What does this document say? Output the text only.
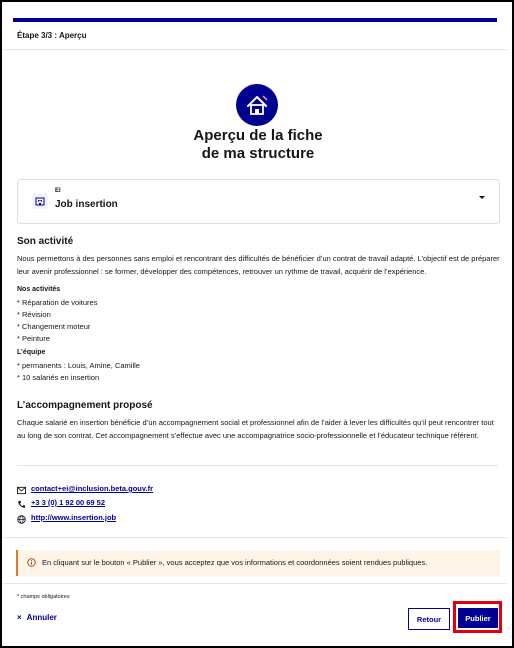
Étape 3/3 : Aperçu
Aperçu de la fiche
de ma structure
EI
Job insertion
Son activité
Nous permettons à des personnes sans emploi et rencontrant des difficultés de bénéficier d’un contrat de travail adapté. L’objectif est de préparer leur avenir professionnel : se former, développer des compétences, retrouver un rythme de travail, acquérir de l’expérience.
Nos activités
* Réparation de voitures
* Révision
* Changement moteur
* Peinture
L’équipe
* permanents : Louis, Amine, Camille
* 10 salariés en insertion
L’accompagnement proposé
Chaque salarié en insertion bénéficie d’un accompagnement social et professionnel afin de l’aider à lever les difficultés qu’il peut rencontrer tout au long de son contrat. Cet accompagnement s’effectue avec une accompagnatrice socio-professionnelle et l’éducateur technique référent.
contact+ei@inclusion.beta.gouv.fr
+3 3 (0) 1 92 00 69 52
http://www.insertion.job
En cliquant sur le bouton « Publier », vous acceptez que vos informations et coordonnées soient rendues publiques.
* champs obligatoires
× Annuler	Retour	Publier
